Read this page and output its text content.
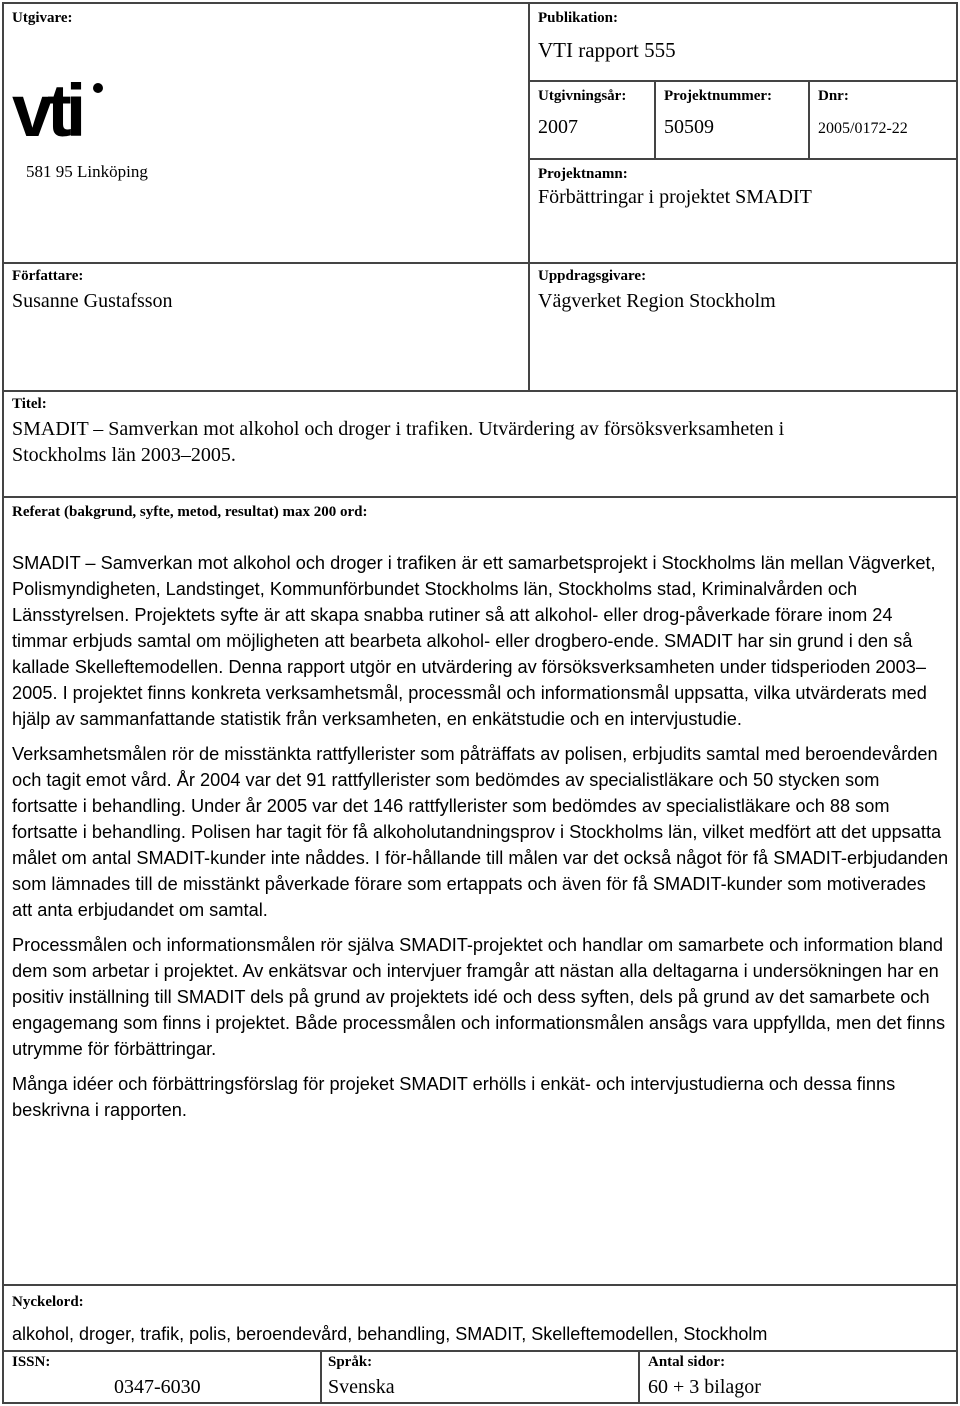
Utgivare:
vti
581 95 Linköping
Publikation:
VTI rapport 555
Utgivningsår:
2007
Projektnummer:
50509
Dnr:
2005/0172-22
Projektnamn:
Förbättringar i projektet SMADIT
Författare:
Susanne Gustafsson
Uppdragsgivare:
Vägverket Region Stockholm
Titel:
SMADIT – Samverkan mot alkohol och droger i trafiken. Utvärdering av försöksverksamheten i
Stockholms län 2003–2005.
Referat (bakgrund, syfte, metod, resultat) max 200 ord:

SMADIT – Samverkan mot alkohol och droger i trafiken är ett samarbetsprojekt i Stockholms län mellan Vägverket, Polismyndigheten, Landstinget, Kommunförbundet Stockholms län, Stockholms stad, Kriminalvården och Länsstyrelsen. Projektets syfte är att skapa snabba rutiner så att alkohol- eller drog-påverkade förare inom 24 timmar erbjuds samtal om möjligheten att bearbeta alkohol- eller drogbero-ende. SMADIT har sin grund i den så kallade Skelleftemodellen. Denna rapport utgör en utvärdering av försöksverksamheten under tidsperioden 2003–2005. I projektet finns konkreta verksamhetsmål, processmål och informationsmål uppsatta, vilka utvärderats med hjälp av sammanfattande statistik från verksamheten, en enkätstudie och en intervjustudie.

Verksamhetsmålen rör de misstänkta rattfyllerister som påträffats av polisen, erbjudits samtal med beroendevården och tagit emot vård. År 2004 var det 91 rattfyllerister som bedömdes av specialistläkare och 50 stycken som fortsatte i behandling. Under år 2005 var det 146 rattfyllerister som bedömdes av specialistläkare och 88 som fortsatte i behandling. Polisen har tagit för få alkoholutandningsprov i Stockholms län, vilket medfört att det uppsatta målet om antal SMADIT-kunder inte nåddes. I för-hållande till målen var det också något för få SMADIT-erbjudanden som lämnades till de misstänkt påverkade förare som ertappats och även för få SMADIT-kunder som motiverades att anta erbjudandet om samtal.

Processmålen och informationsmålen rör själva SMADIT-projektet och handlar om samarbete och information bland dem som arbetar i projektet. Av enkätsvar och intervjuer framgår att nästan alla deltagarna i undersökningen har en positiv inställning till SMADIT dels på grund av projektets idé och dess syften, dels på grund av det samarbete och engagemang som finns i projektet. Både processmålen och informationsmålen ansågs vara uppfyllda, men det finns utrymme för förbättringar.

Många idéer och förbättringsförslag för projeket SMADIT erhölls i enkät- och intervjustudierna och dessa finns beskrivna i rapporten.

Nyckelord:
alkohol, droger, trafik, polis, beroendevård, behandling, SMADIT, Skelleftemodellen, Stockholm
ISSN:
0347-6030
Språk:
Svenska
Antal sidor:
60 + 3 bilagor
